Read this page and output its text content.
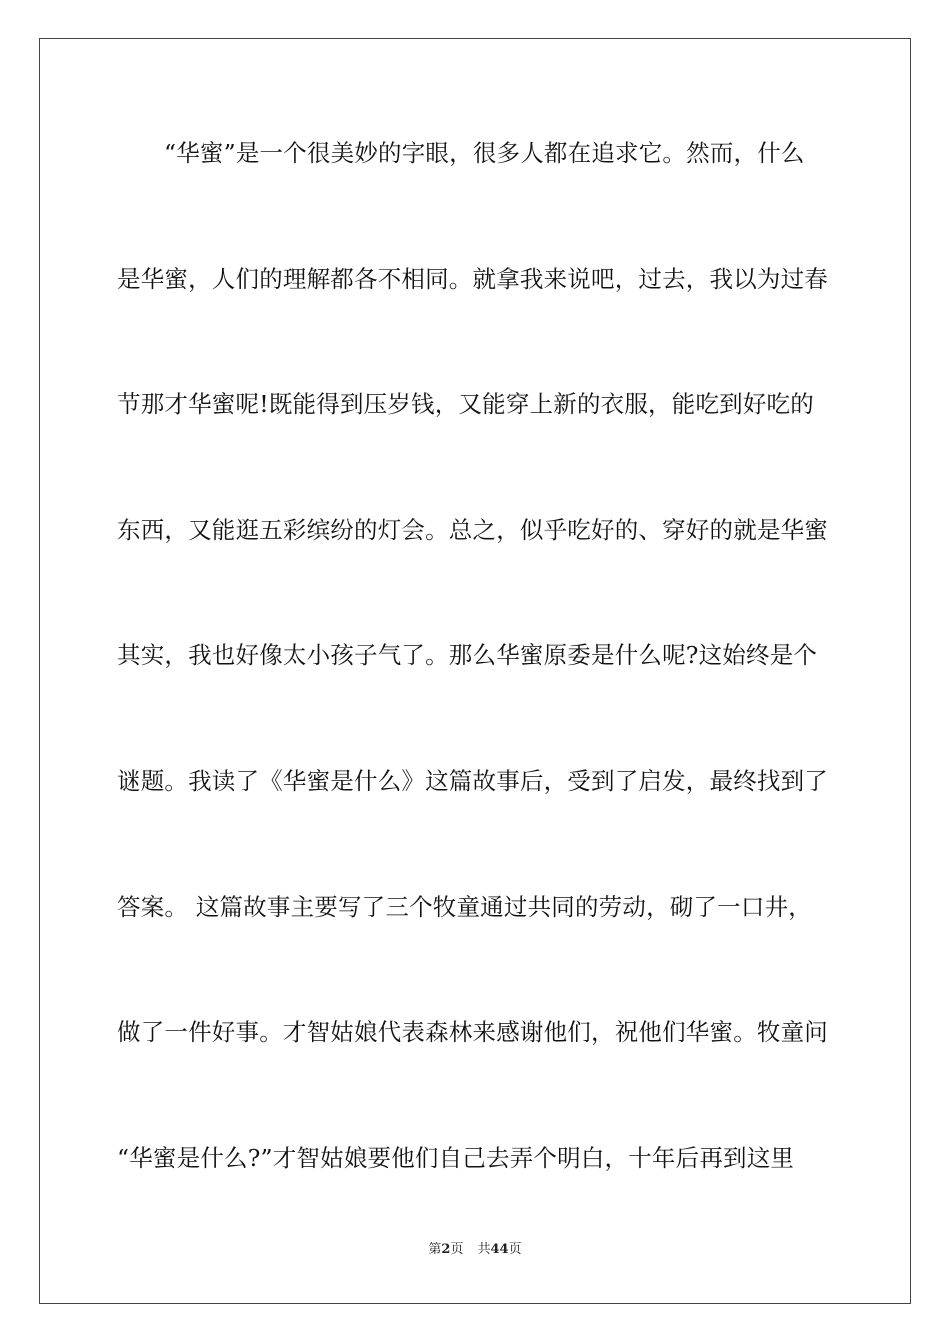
“华蜜”是一个很美妙的字眼，很多人都在追求它。然而，什么
是华蜜，人们的理解都各不相同。就拿我来说吧，过去，我以为过春
节那才华蜜呢!既能得到压岁钱，又能穿上新的衣服，能吃到好吃的
东西，又能逛五彩缤纷的灯会。总之，似乎吃好的、穿好的就是华蜜
其实，我也好像太小孩子气了。那么华蜜原委是什么呢?这始终是个
谜题。我读了《华蜜是什么》这篇故事后，受到了启发，最终找到了
答案。 这篇故事主要写了三个牧童通过共同的劳动，砌了一口井，
做了一件好事。才智姑娘代表森林来感谢他们，祝他们华蜜。牧童问
“华蜜是什么?”才智姑娘要他们自己去弄个明白，十年后再到这里
第2页 共44页
